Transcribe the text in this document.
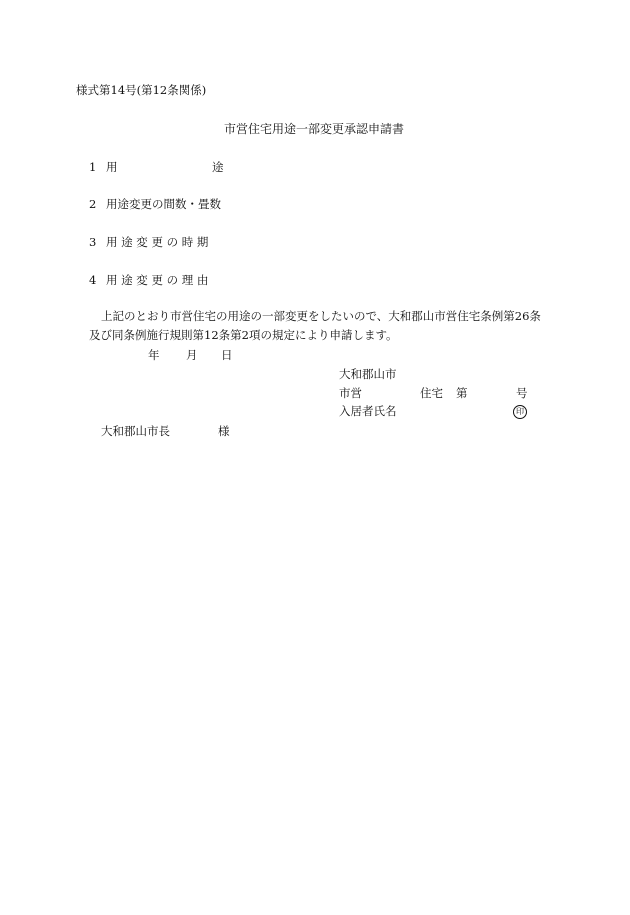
様式第14号(第12条関係)
市営住宅用途一部変更承認申請書
1 用	途
2 用途変更の間数・畳数
3 用 途 変 更 の 時 期
4 用 途 変 更 の 理 由
上記のとおり市営住宅の用途の一部変更をしたいので、大和郡山市営住宅条例第26条
及び同条例施行規則第12条第2項の規定により申請します。
年 月 日
大和郡山市
市営	住宅 第	号
入居者氏名	印
大和郡山市長	様
